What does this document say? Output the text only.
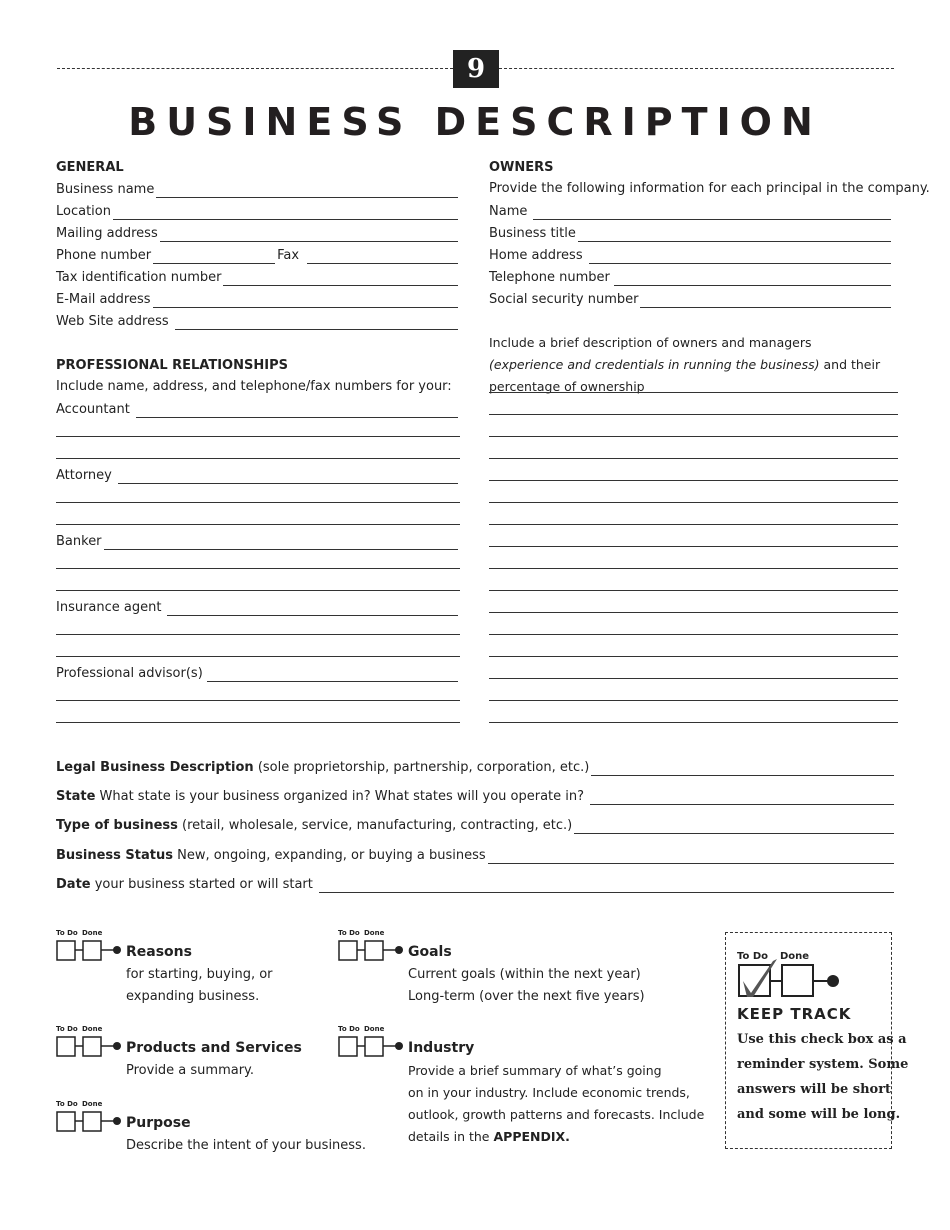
9
BUSINESS DESCRIPTION
GENERAL
Business name
Location
Mailing address
Phone number	Fax
Tax identification number
E-Mail address
Web Site address
PROFESSIONAL RELATIONSHIPS
Include name, address, and telephone/fax numbers for your:
Accountant
Attorney
Banker
Insurance agent
Professional advisor(s)
OWNERS
Provide the following information for each principal in the company.
Name
Business title
Home address
Telephone number
Social security number
Include a brief description of owners and managers (experience and credentials in running the business) and their percentage of ownership
Legal Business Description (sole proprietorship, partnership, corporation, etc.)
State What state is your business organized in? What states will you operate in?
Type of business (retail, wholesale, service, manufacturing, contracting, etc.)
Business Status New, ongoing, expanding, or buying a business
Date your business started or will start
To Do Done
Reasons
for starting, buying, or
expanding business.
To Do Done
Products and Services
Provide a summary.
To Do Done
Purpose
Describe the intent of your business.
To Do Done
Goals
Current goals (within the next year)
Long-term (over the next five years)
To Do Done
Industry
Provide a brief summary of what’s going
on in your industry. Include economic trends,
outlook, growth patterns and forecasts. Include
details in the APPENDIX.
To Do Done
KEEP TRACK
Use this check box as a
reminder system. Some
answers will be short
and some will be long.
